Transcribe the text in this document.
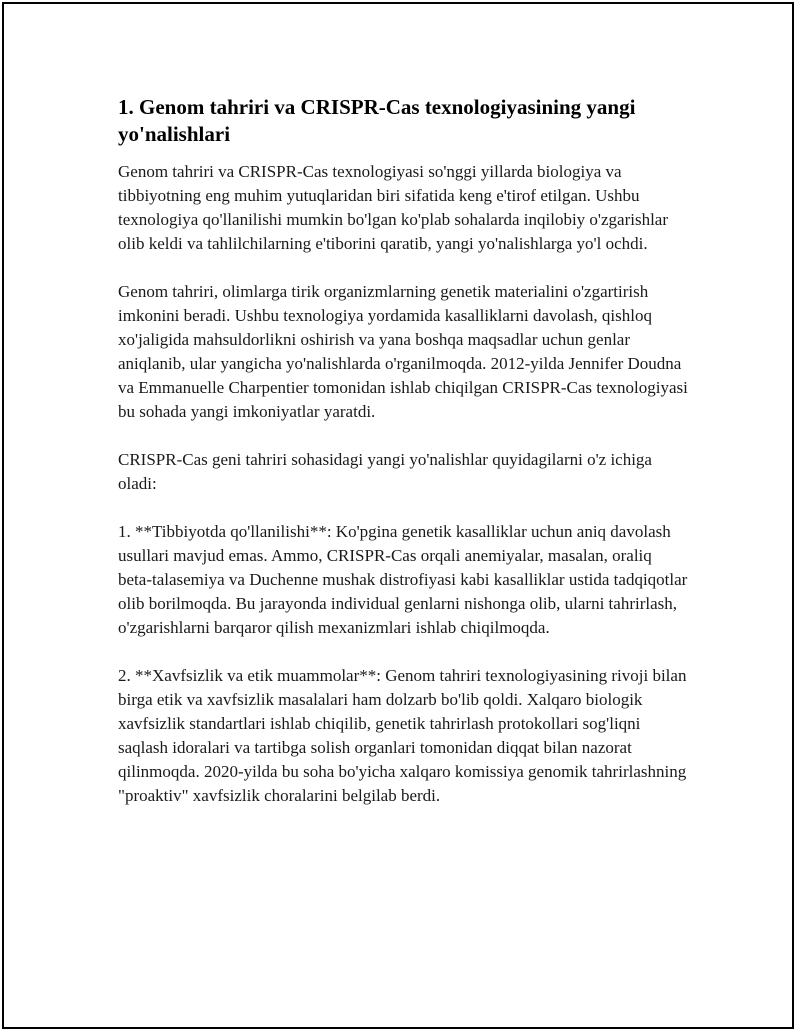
1. Genom tahriri va CRISPR-Cas texnologiyasining yangi yo'nalishlari

Genom tahriri va CRISPR-Cas texnologiyasi so'nggi yillarda biologiya va tibbiyotning eng muhim yutuqlaridan biri sifatida keng e'tirof etilgan. Ushbu texnologiya qo'llanilishi mumkin bo'lgan ko'plab sohalarda inqilobiy o'zgarishlar olib keldi va tahlilchilarning e'tiborini qaratib, yangi yo'nalishlarga yo'l ochdi.

Genom tahriri, olimlarga tirik organizmlarning genetik materialini o'zgartirish imkonini beradi. Ushbu texnologiya yordamida kasalliklarni davolash, qishloq xo'jaligida mahsuldorlikni oshirish va yana boshqa maqsadlar uchun genlar aniqlanib, ular yangicha yo'nalishlarda o'rganilmoqda. 2012-yilda Jennifer Doudna va Emmanuelle Charpentier tomonidan ishlab chiqilgan CRISPR-Cas texnologiyasi bu sohada yangi imkoniyatlar yaratdi.

CRISPR-Cas geni tahriri sohasidagi yangi yo'nalishlar quyidagilarni o'z ichiga oladi:

1. **Tibbiyotda qo'llanilishi**: Ko'pgina genetik kasalliklar uchun aniq davolash usullari mavjud emas. Ammo, CRISPR-Cas orqali anemiyalar, masalan, oraliq beta-talasemiya va Duchenne mushak distrofiyasi kabi kasalliklar ustida tadqiqotlar olib borilmoqda. Bu jarayonda individual genlarni nishonga olib, ularni tahrirlash, o'zgarishlarni barqaror qilish mexanizmlari ishlab chiqilmoqda.

2. **Xavfsizlik va etik muammolar**: Genom tahriri texnologiyasining rivoji bilan birga etik va xavfsizlik masalalari ham dolzarb bo'lib qoldi. Xalqaro biologik xavfsizlik standartlari ishlab chiqilib, genetik tahrirlash protokollari sog'liqni saqlash idoralari va tartibga solish organlari tomonidan diqqat bilan nazorat qilinmoqda. 2020-yilda bu soha bo'yicha xalqaro komissiya genomik tahrirlashning "proaktiv" xavfsizlik choralarini belgilab berdi.
